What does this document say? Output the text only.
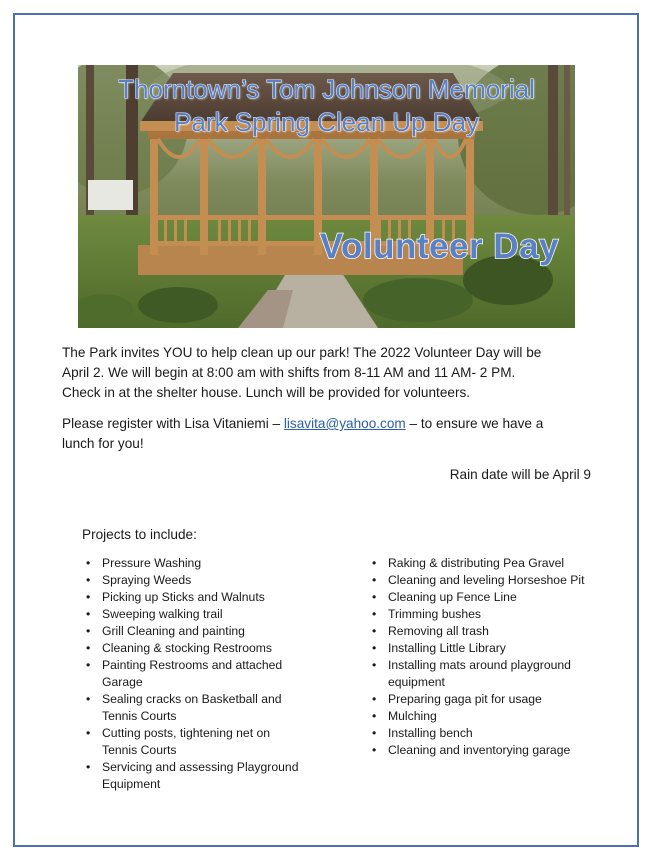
Thorntown’s Tom Johnson Memorial
Park Spring Clean Up Day
Volunteer Day
The Park invites YOU to help clean up our park! The 2022 Volunteer Day will be
April 2. We will begin at 8:00 am with shifts from 8-11 AM and 11 AM- 2 PM.
Check in at the shelter house. Lunch will be provided for volunteers.
Please register with Lisa Vitaniemi – lisavita@yahoo.com – to ensure we have a
lunch for you!
Rain date will be April 9
Projects to include:
• Pressure Washing
• Spraying Weeds
• Picking up Sticks and Walnuts
• Sweeping walking trail
• Grill Cleaning and painting
• Cleaning & stocking Restrooms
• Painting Restrooms and attached
Garage
• Sealing cracks on Basketball and
Tennis Courts
• Cutting posts, tightening net on
Tennis Courts
• Servicing and assessing Playground
Equipment
• Raking & distributing Pea Gravel
• Cleaning and leveling Horseshoe Pit
• Cleaning up Fence Line
• Trimming bushes
• Removing all trash
• Installing Little Library
• Installing mats around playground
equipment
• Preparing gaga pit for usage
• Mulching
• Installing bench
• Cleaning and inventorying garage
